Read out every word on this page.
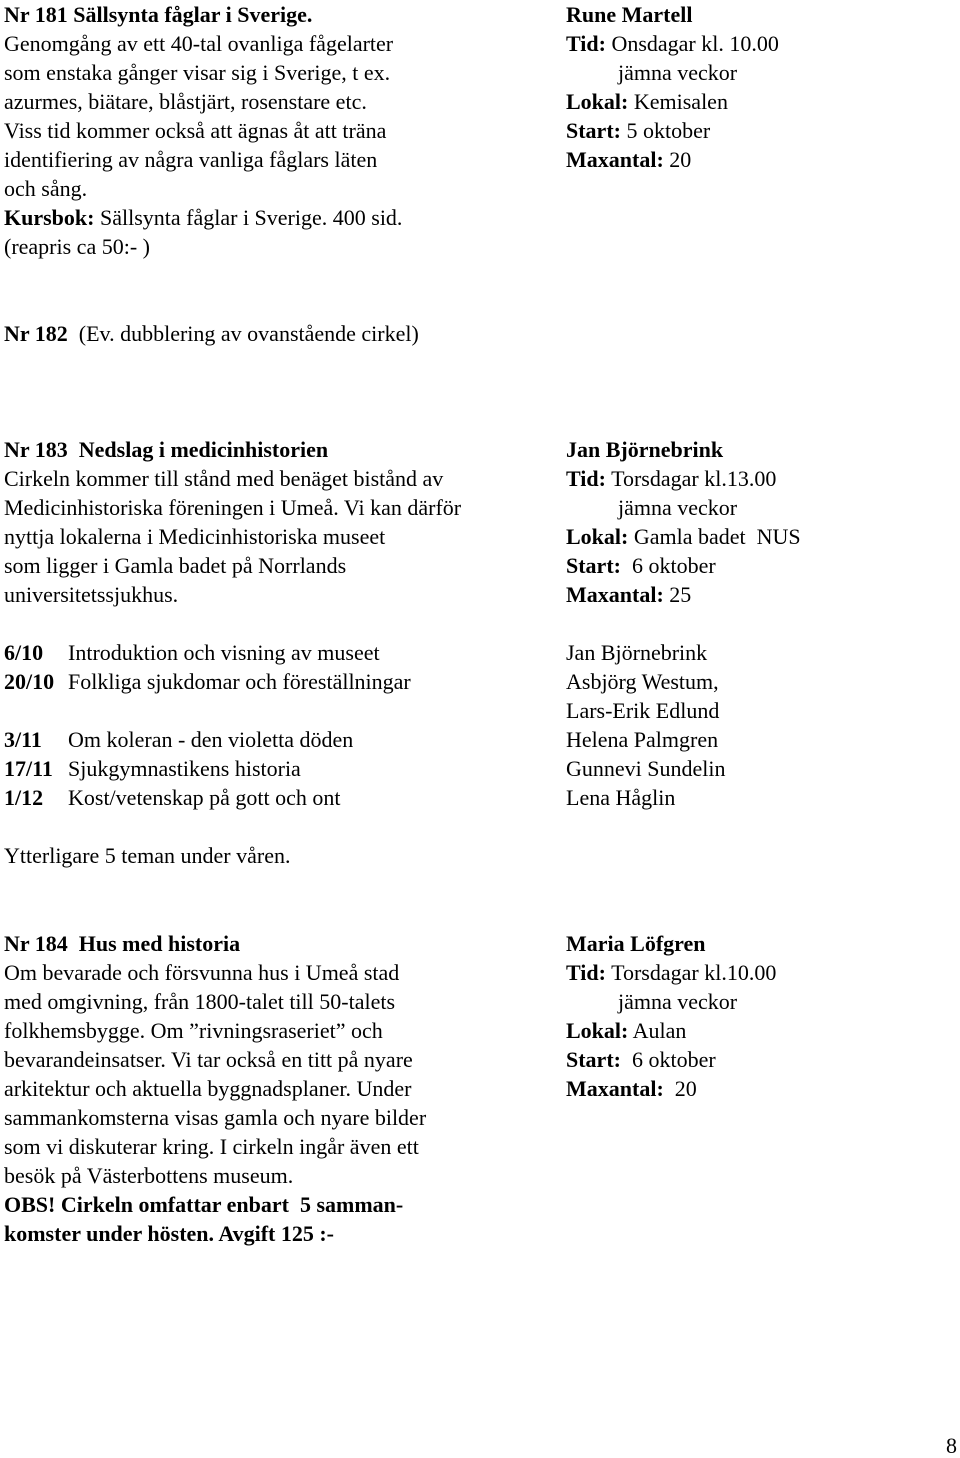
Nr 181 Sällsynta fåglar i Sverige.
Genomgång av ett 40-tal ovanliga fågelarter
som enstaka gånger visar sig i Sverige, t ex.
azurmes, biätare, blåstjärt, rosenstare etc.
Viss tid kommer också att ägnas åt att träna
identifiering av några vanliga fåglars läten
och sång.
Kursbok: Sällsynta fåglar i Sverige. 400 sid.
(reapris ca 50:- )
Rune Martell
Tid: Onsdagar kl. 10.00
jämna veckor
Lokal: Kemisalen
Start: 5 oktober
Maxantal: 20
Nr 182 (Ev. dubblering av ovanstående cirkel)
Nr 183 Nedslag i medicinhistorien
Cirkeln kommer till stånd med benäget bistånd av
Medicinhistoriska föreningen i Umeå. Vi kan därför
nyttja lokalerna i Medicinhistoriska museet
som ligger i Gamla badet på Norrlands
universitetssjukhus.
Jan Björnebrink
Tid: Torsdagar kl.13.00
jämna veckor
Lokal: Gamla badet  NUS
Start: 6 oktober
Maxantal: 25
6/10 Introduktion och visning av museet	Jan Björnebrink
20/10 Folkliga sjukdomar och föreställningar	Asbjörg Westum,
Lars-Erik Edlund
3/11 Om koleran - den violetta döden	Helena Palmgren
17/11 Sjukgymnastikens historia	Gunnevi Sundelin
1/12 Kost/vetenskap på gott och ont	Lena Håglin
Ytterligare 5 teman under våren.
Nr 184 Hus med historia
Om bevarade och försvunna hus i Umeå stad
med omgivning, från 1800-talet till 50-talets
folkhemsbygge. Om ”rivningsraseriet” och
bevarandeinsatser. Vi tar också en titt på nyare
arkitektur och aktuella byggnadsplaner. Under
sammankomsterna visas gamla och nyare bilder
som vi diskuterar kring. I cirkeln ingår även ett
besök på Västerbottens museum.
OBS! Cirkeln omfattar enbart  5 samman-
komster under hösten. Avgift 125 :-
Maria Löfgren
Tid: Torsdagar kl.10.00
jämna veckor
Lokal: Aulan
Start: 6 oktober
Maxantal: 20
8
